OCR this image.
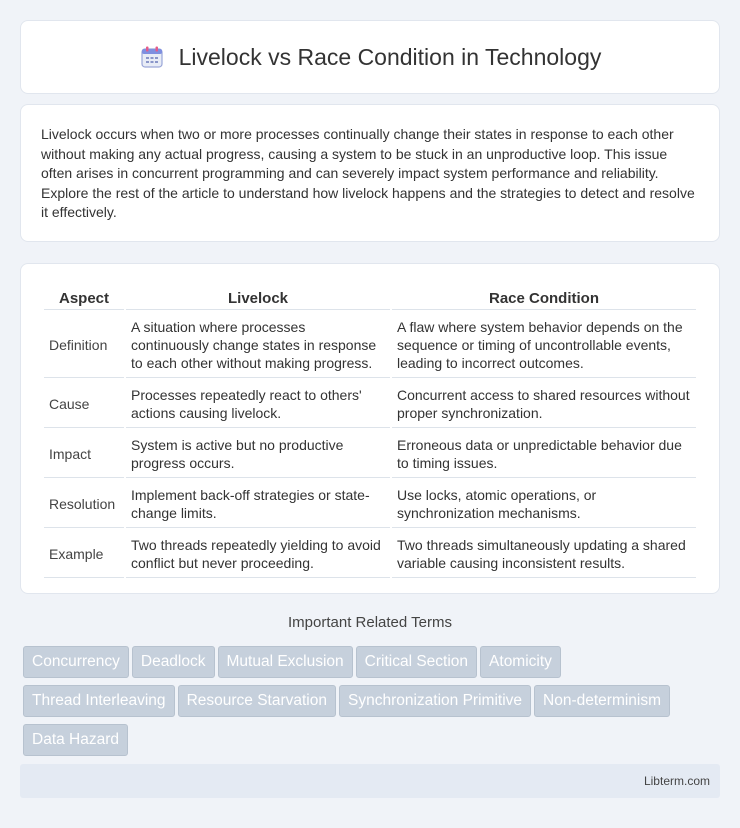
Livelock vs Race Condition in Technology

Livelock occurs when two or more processes continually change their states in response to each other without making any actual progress, causing a system to be stuck in an unproductive loop. This issue often arises in concurrent programming and can severely impact system performance and reliability. Explore the rest of the article to understand how livelock happens and the strategies to detect and resolve it effectively.

Aspect	Livelock	Race Condition
Definition	A situation where processes continuously change states in response to each other without making progress.	A flaw where system behavior depends on the sequence or timing of uncontrollable events, leading to incorrect outcomes.
Cause	Processes repeatedly react to others' actions causing livelock.	Concurrent access to shared resources without proper synchronization.
Impact	System is active but no productive progress occurs.	Erroneous data or unpredictable behavior due to timing issues.
Resolution	Implement back-off strategies or state-change limits.	Use locks, atomic operations, or synchronization mechanisms.
Example	Two threads repeatedly yielding to avoid conflict but never proceeding.	Two threads simultaneously updating a shared variable causing inconsistent results.
Important Related Terms
Concurrency Deadlock Mutual Exclusion Critical Section Atomicity
Thread Interleaving Resource Starvation Synchronization Primitive Non-determinism
Data Hazard
Libterm.com
